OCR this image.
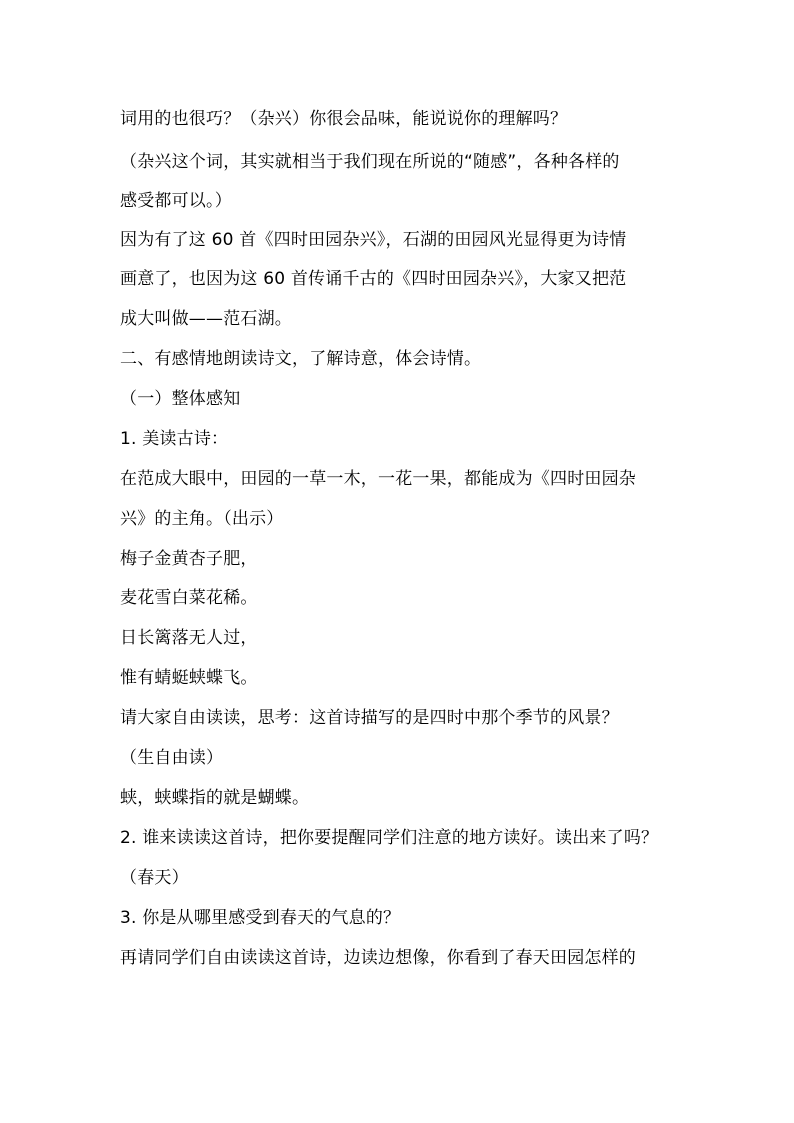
词用的也很巧？（杂兴）你很会品味，能说说你的理解吗？
（杂兴这个词，其实就相当于我们现在所说的“随感”，各种各样的
感受都可以。）
因为有了这 60 首《四时田园杂兴》，石湖的田园风光显得更为诗情
画意了，也因为这 60 首传诵千古的《四时田园杂兴》，大家又把范
成大叫做——范石湖。
二、有感情地朗读诗文，了解诗意，体会诗情。
（一）整体感知
1. 美读古诗：
在范成大眼中，田园的一草一木，一花一果，都能成为《四时田园杂
兴》的主角。（出示）
梅子金黄杏子肥，
麦花雪白菜花稀。
日长篱落无人过，
惟有蜻蜓蛱蝶飞。
请大家自由读读，思考：这首诗描写的是四时中那个季节的风景？
（生自由读）
蛱，蛱蝶指的就是蝴蝶。
2. 谁来读读这首诗，把你要提醒同学们注意的地方读好。读出来了吗？
（春天）
3. 你是从哪里感受到春天的气息的？
再请同学们自由读读这首诗，边读边想像，你看到了春天田园怎样的
